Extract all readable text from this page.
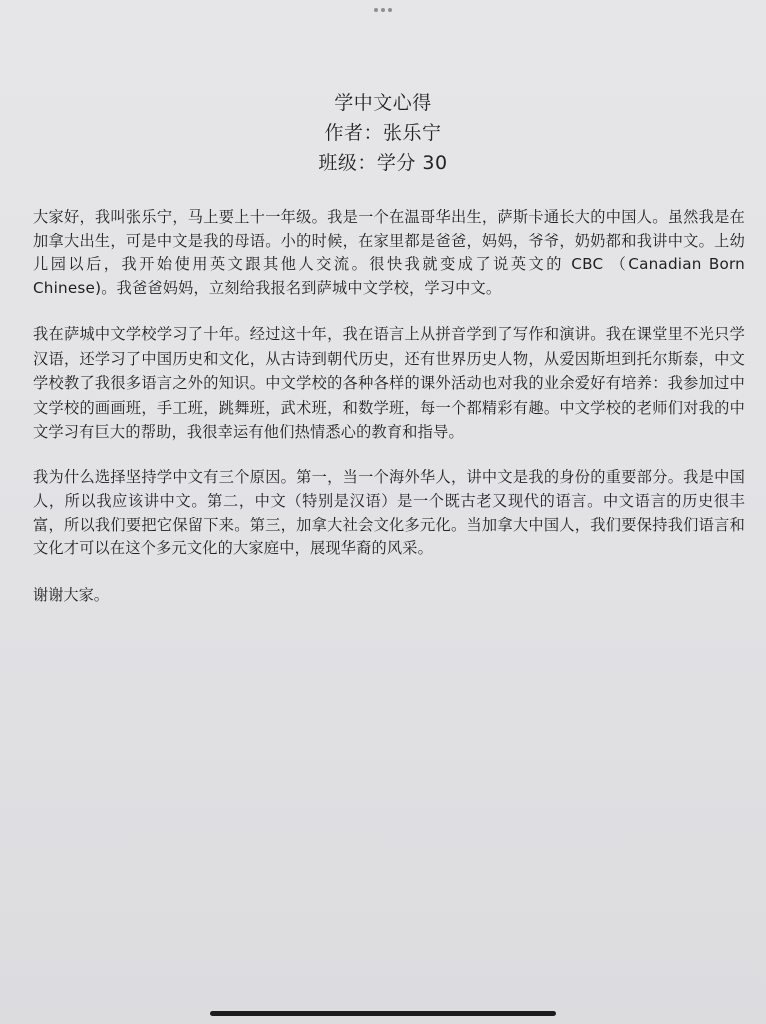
学中文心得
作者：张乐宁
班级：学分 30

大家好，我叫张乐宁，马上要上十一年级。我是一个在温哥华出生，萨斯卡通长大的中国人。虽然我是在加拿大出生，可是中文是我的母语。小的时候，在家里都是爸爸，妈妈，爷爷，奶奶都和我讲中文。上幼儿园以后，我开始使用英文跟其他人交流。很快我就变成了说英文的 CBC （Canadian Born Chinese)。我爸爸妈妈，立刻给我报名到萨城中文学校，学习中文。

我在萨城中文学校学习了十年。经过这十年，我在语言上从拼音学到了写作和演讲。我在课堂里不光只学汉语，还学习了中国历史和文化，从古诗到朝代历史，还有世界历史人物，从爱因斯坦到托尔斯泰，中文学校教了我很多语言之外的知识。中文学校的各种各样的课外活动也对我的业余爱好有培养：我参加过中文学校的画画班，手工班，跳舞班，武术班，和数学班，每一个都精彩有趣。中文学校的老师们对我的中文学习有巨大的帮助，我很幸运有他们热情悉心的教育和指导。

我为什么选择坚持学中文有三个原因。第一，当一个海外华人，讲中文是我的身份的重要部分。我是中国人，所以我应该讲中文。第二，中文（特别是汉语）是一个既古老又现代的语言。中文语言的历史很丰富，所以我们要把它保留下来。第三，加拿大社会文化多元化。当加拿大中国人，我们要保持我们语言和文化才可以在这个多元文化的大家庭中，展现华裔的风采。

谢谢大家。
